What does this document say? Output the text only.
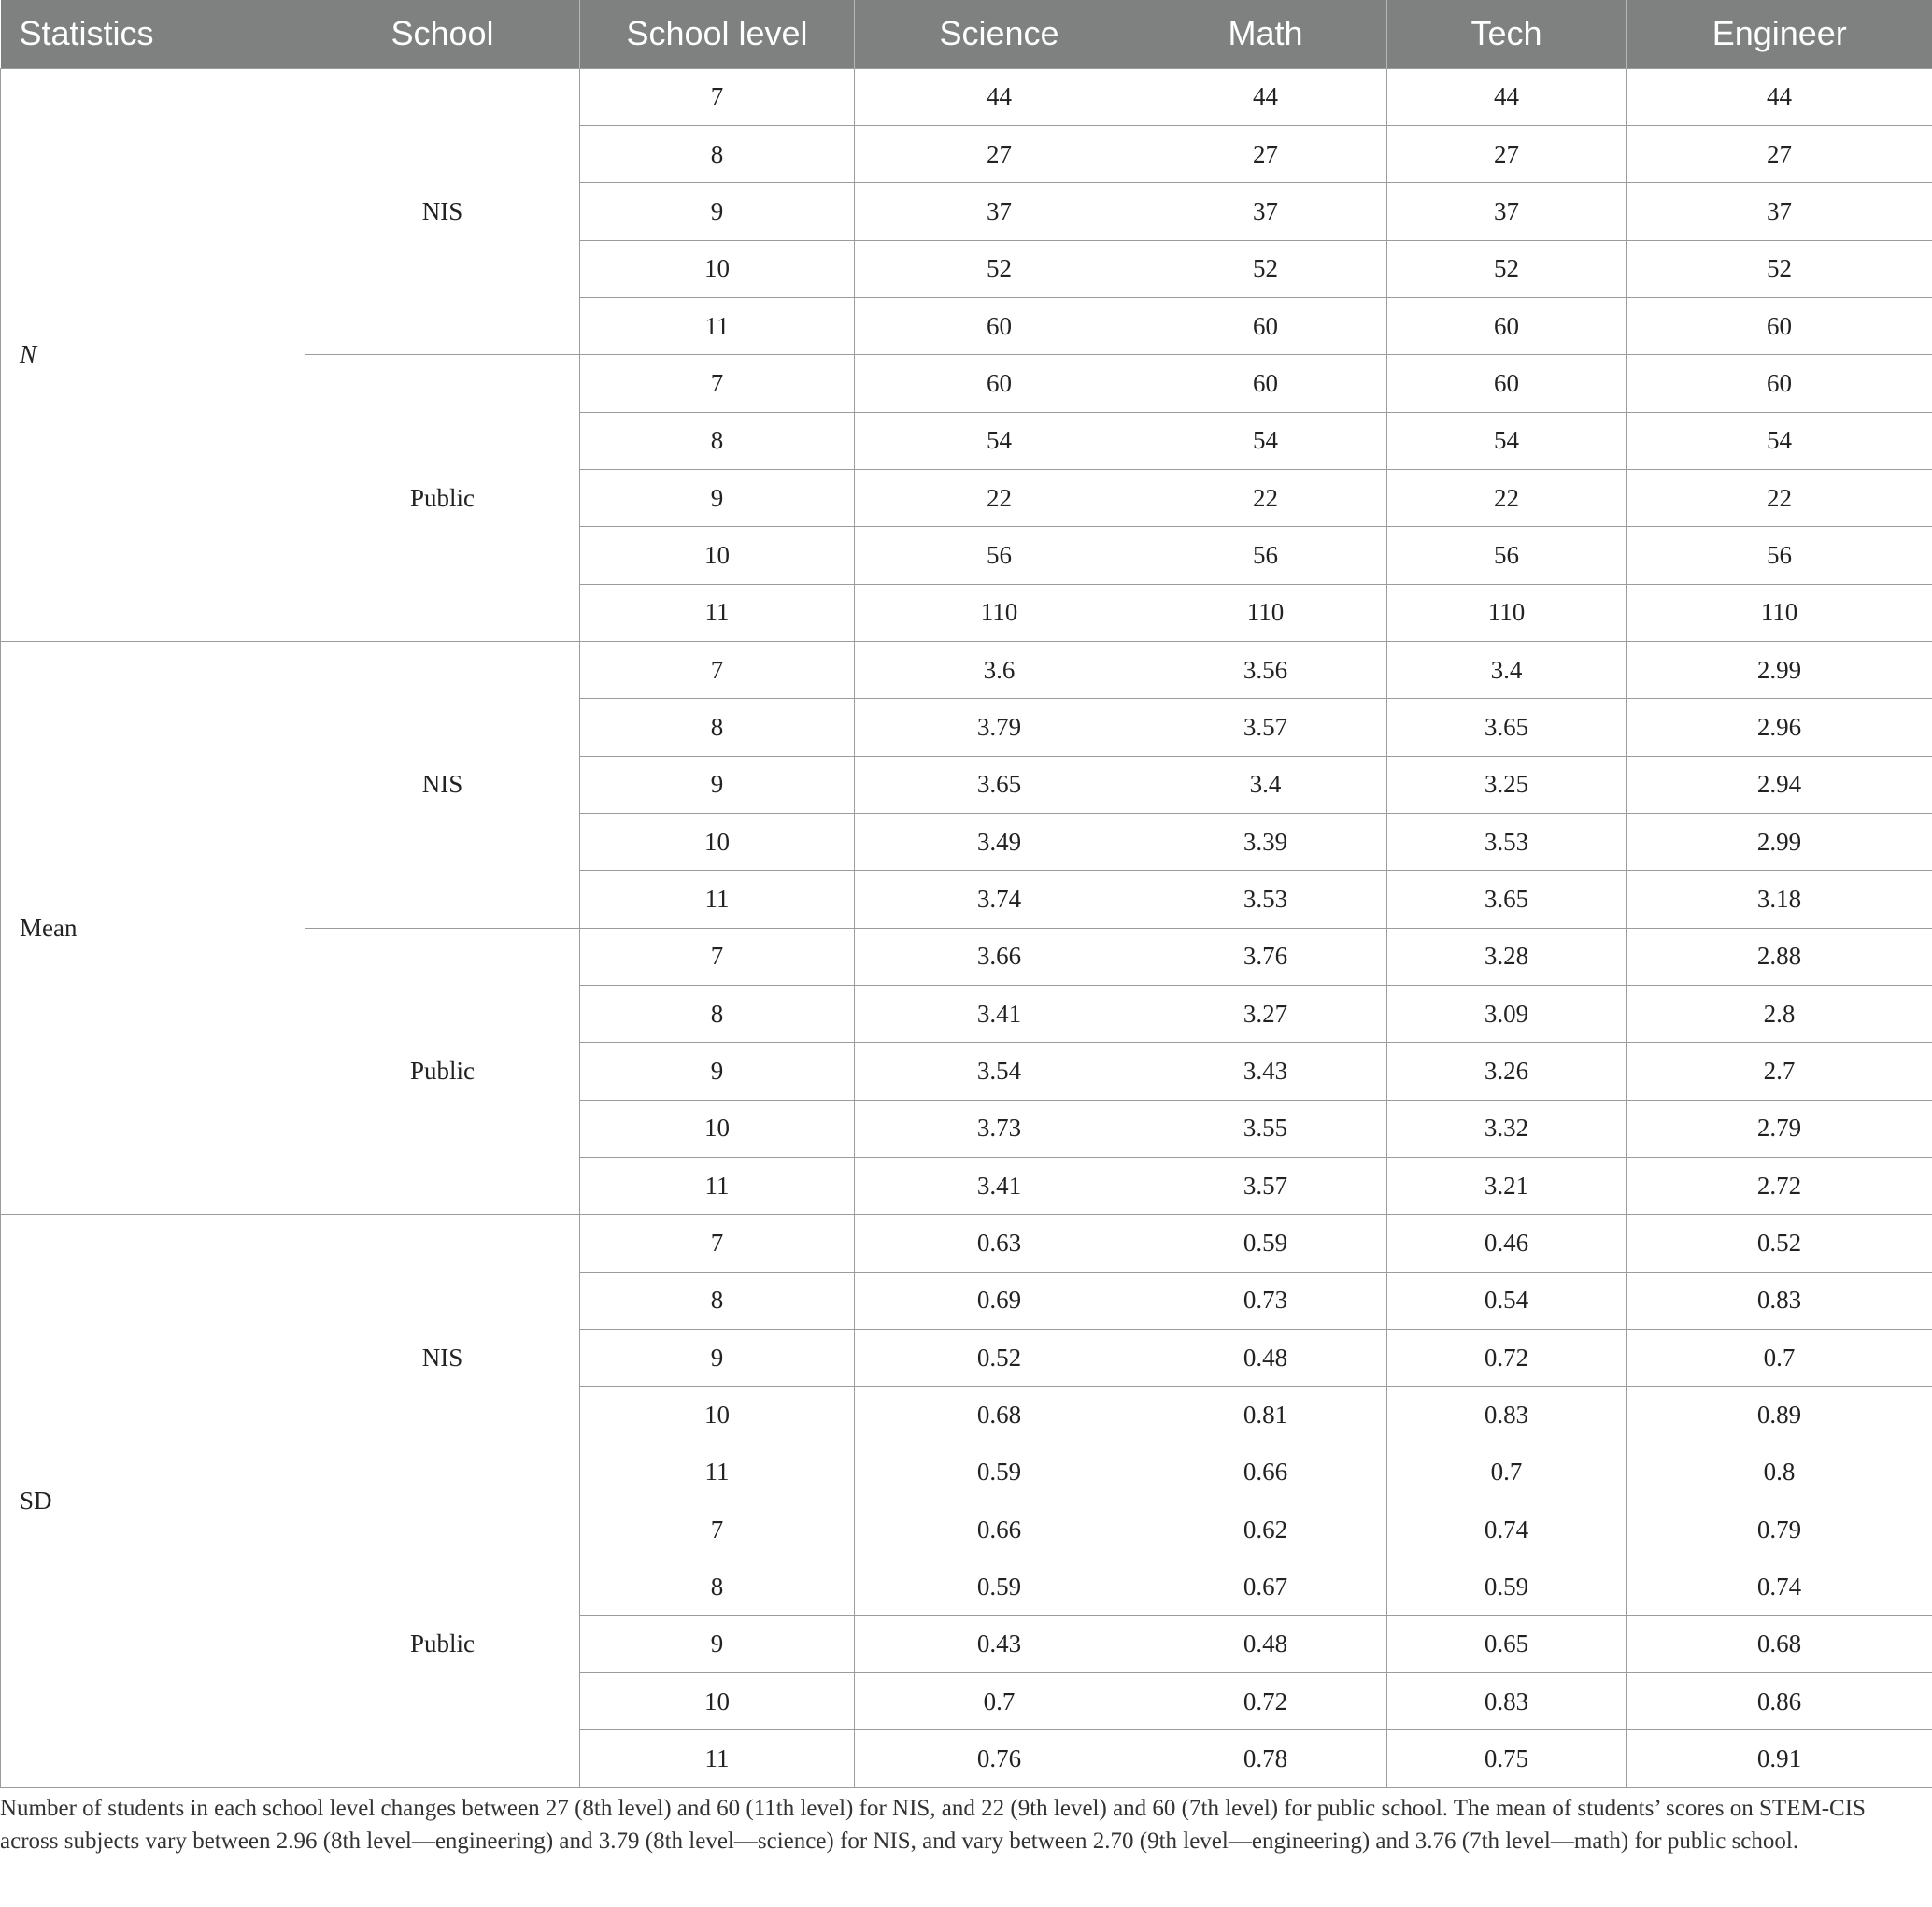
Statistics	School	School level	Science	Math	Tech	Engineer
N	NIS	7	44	44	44	44
		8	27	27	27	27
		9	37	37	37	37
		10	52	52	52	52
		11	60	60	60	60
	Public	7	60	60	60	60
		8	54	54	54	54
		9	22	22	22	22
		10	56	56	56	56
		11	110	110	110	110
Mean	NIS	7	3.6	3.56	3.4	2.99
		8	3.79	3.57	3.65	2.96
		9	3.65	3.4	3.25	2.94
		10	3.49	3.39	3.53	2.99
		11	3.74	3.53	3.65	3.18
	Public	7	3.66	3.76	3.28	2.88
		8	3.41	3.27	3.09	2.8
		9	3.54	3.43	3.26	2.7
		10	3.73	3.55	3.32	2.79
		11	3.41	3.57	3.21	2.72
SD	NIS	7	0.63	0.59	0.46	0.52
		8	0.69	0.73	0.54	0.83
		9	0.52	0.48	0.72	0.7
		10	0.68	0.81	0.83	0.89
		11	0.59	0.66	0.7	0.8
	Public	7	0.66	0.62	0.74	0.79
		8	0.59	0.67	0.59	0.74
		9	0.43	0.48	0.65	0.68
		10	0.7	0.72	0.83	0.86
		11	0.76	0.78	0.75	0.91
Number of students in each school level changes between 27 (8th level) and 60 (11th level) for NIS, and 22 (9th level) and 60 (7th level) for public school. The mean of students’ scores on STEM-CIS across subjects vary between 2.96 (8th level—engineering) and 3.79 (8th level—science) for NIS, and vary between 2.70 (9th level—engineering) and 3.76 (7th level—math) for public school.
